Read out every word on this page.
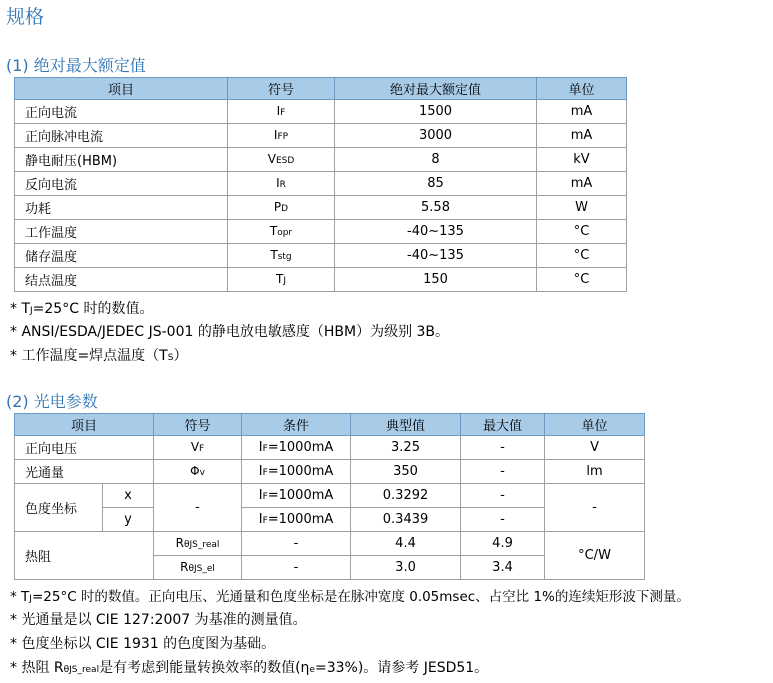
规格
(1) 绝对最大额定值
项目	符号	绝对最大额定值	单位
正向电流	IF	1500	mA
正向脉冲电流	IFP	3000	mA
静电耐压(HBM)	VESD	8	kV
反向电流	IR	85	mA
功耗	PD	5.58	W
工作温度	Topr	-40~135	°C
储存温度	Tstg	-40~135	°C
结点温度	TJ	150	°C
* TJ=25°C 时的数值。
* ANSI/ESDA/JEDEC JS-001 的静电放电敏感度（HBM）为级别 3B。
* 工作温度=焊点温度（TS）
(2) 光电参数
项目		符号	条件	典型值	最大值	单位
正向电压		VF	IF=1000mA	3.25	-	V
光通量		Φv	IF=1000mA	350	-	lm
色度坐标	x	-	IF=1000mA	0.3292	-	-
	y		IF=1000mA	0.3439	-	
热阻		RθJS_real	-	4.4	4.9	°C/W
		RθJS_el	-	3.0	3.4	
* TJ=25°C 时的数值。正向电压、光通量和色度坐标是在脉冲宽度 0.05msec、占空比 1%的连续矩形波下测量。
* 光通量是以 CIE 127:2007 为基准的测量值。
* 色度坐标以 CIE 1931 的色度图为基础。
* 热阻 RθJS_real是有考虑到能量转换效率的数值(ηe=33%)。请参考 JESD51。
